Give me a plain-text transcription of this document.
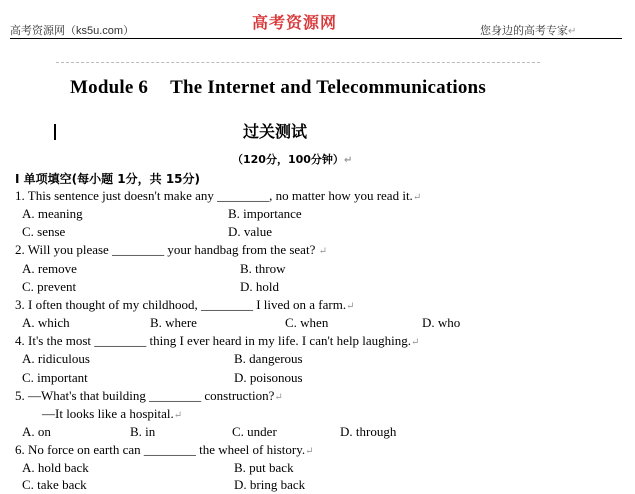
高考资源网（ks5u.com）	高考资源网	您身边的高考专家↵
Module 6 The Internet and Telecommunications
过关测试
（120分，100分钟）↵
Ⅰ 单项填空(每小题 1分，共 15分)
1. This sentence just doesn't make any ________, no matter how you read it.↵
A. meaning	B. importance
C. sense	D. value
2. Will you please ________ your handbag from the seat? ↵
A. remove	B. throw
C. prevent	D. hold
3. I often thought of my childhood, ________ I lived on a farm.↵
A. which	B. where	C. when	D. who
4. It's the most ________ thing I ever heard in my life. I can't help laughing.↵
A. ridiculous	B. dangerous
C. important	D. poisonous
5. —What's that building ________ construction?↵
—It looks like a hospital.↵
A. on	B. in	C. under	D. through
6. No force on earth can ________ the wheel of history.↵
A. hold back	B. put back
C. take back	D. bring back
